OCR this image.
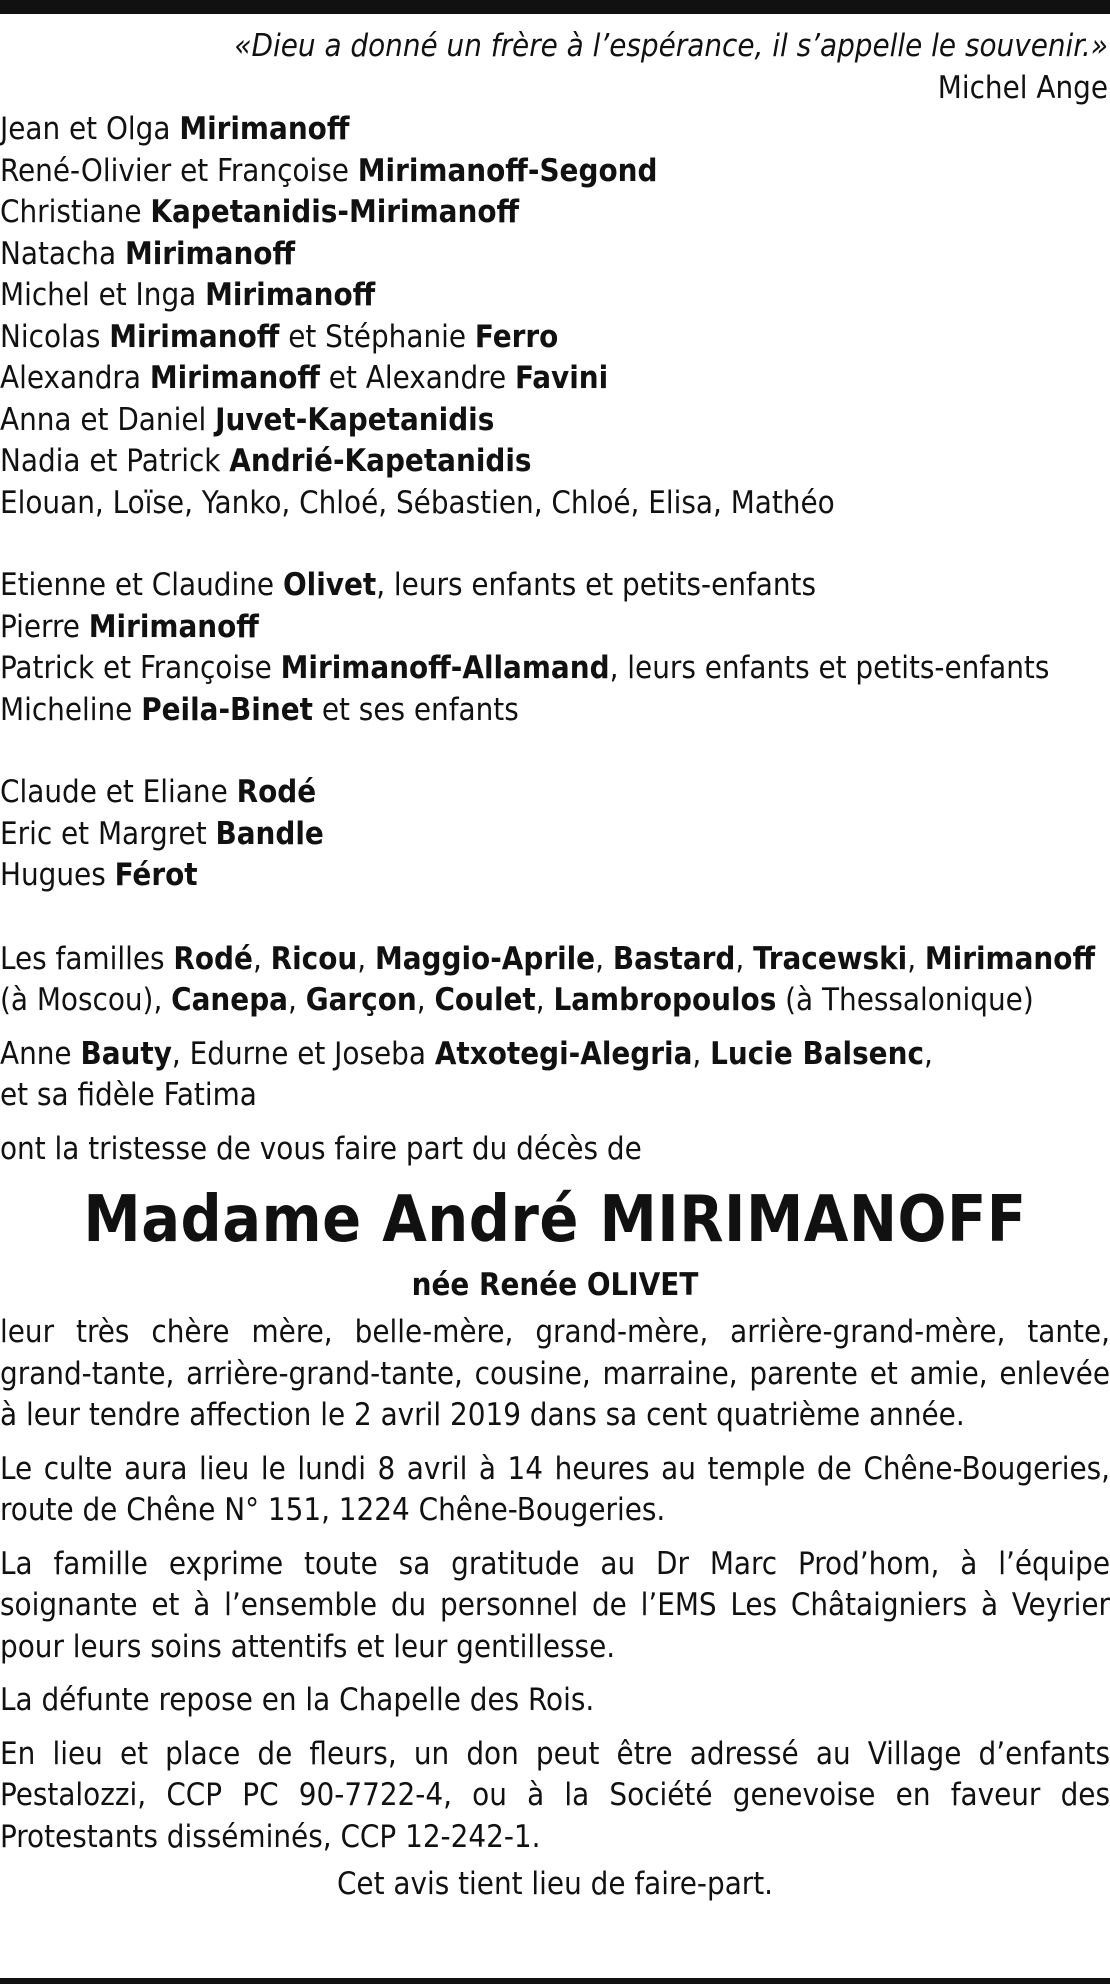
«Dieu a donné un frère à l’espérance, il s’appelle le souvenir.»
Michel Ange
Jean et Olga Mirimanoff
René-Olivier et Françoise Mirimanoff-Segond
Christiane Kapetanidis-Mirimanoff
Natacha Mirimanoff
Michel et Inga Mirimanoff
Nicolas Mirimanoff et Stéphanie Ferro
Alexandra Mirimanoff et Alexandre Favini
Anna et Daniel Juvet-Kapetanidis
Nadia et Patrick Andrié-Kapetanidis
Elouan, Loïse, Yanko, Chloé, Sébastien, Chloé, Elisa, Mathéo
Etienne et Claudine Olivet, leurs enfants et petits-enfants
Pierre Mirimanoff
Patrick et Françoise Mirimanoff-Allamand, leurs enfants et petits-enfants
Micheline Peila-Binet et ses enfants
Claude et Eliane Rodé
Eric et Margret Bandle
Hugues Férot
Les familles Rodé, Ricou, Maggio-Aprile, Bastard, Tracewski, Mirimanoff (à Moscou), Canepa, Garçon, Coulet, Lambropoulos (à Thessalonique)
Anne Bauty, Edurne et Joseba Atxotegi-Alegria, Lucie Balsenc,
et sa fidèle Fatima
ont la tristesse de vous faire part du décès de
Madame André MIRIMANOFF
née Renée OLIVET
leur très chère mère, belle-mère, grand-mère, arrière-grand-mère, tante, grand-tante, arrière-grand-tante, cousine, marraine, parente et amie, enlevée à leur tendre affection le 2 avril 2019 dans sa cent quatrième année.
Le culte aura lieu le lundi 8 avril à 14 heures au temple de Chêne-Bougeries, route de Chêne N° 151, 1224 Chêne-Bougeries.
La famille exprime toute sa gratitude au Dr Marc Prod’hom, à l’équipe soignante et à l’ensemble du personnel de l’EMS Les Châtaigniers à Veyrier pour leurs soins attentifs et leur gentillesse.
La défunte repose en la Chapelle des Rois.
En lieu et place de fleurs, un don peut être adressé au Village d’enfants Pestalozzi, CCP PC 90-7722-4, ou à la Société genevoise en faveur des Protestants disséminés, CCP 12-242-1.
Cet avis tient lieu de faire-part.
